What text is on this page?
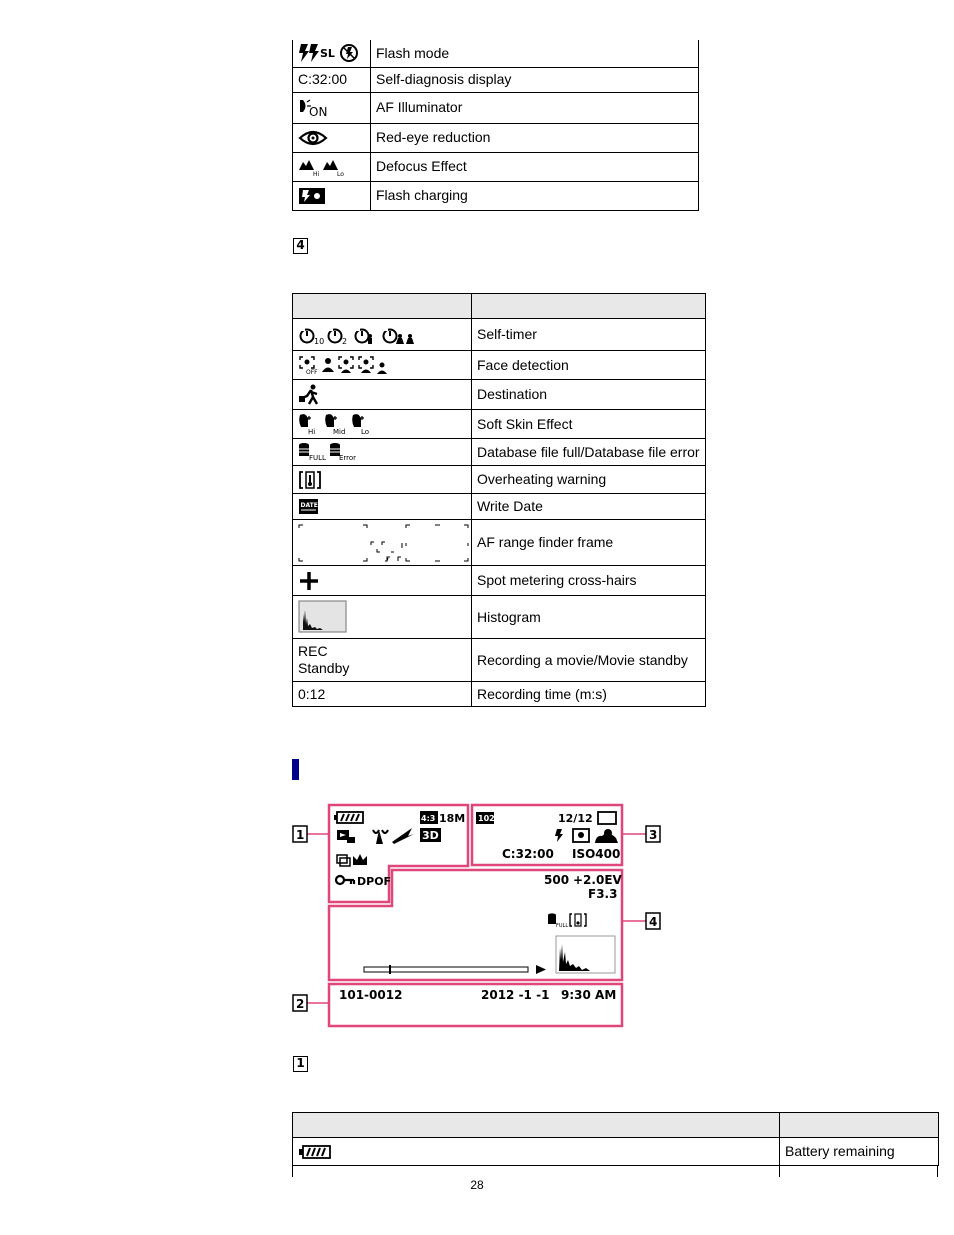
SL	Flash mode
C:32:00	Self-diagnosis display

ON	AF Illuminator

	Red-eye reduction

Hi Lo	Defocus Effect

	Flash charging
4

10 2	Self-timer

OFF	Face detection

	Destination

Hi Mid Lo	Soft Skin Effect

FULL Error	Database file full/Database file error

	Overheating warning

DATE	Write Date

	AF range finder frame

	Spot metering cross-hairs

	Histogram

REC
Standby	Recording a movie/Movie standby
0:12	Recording time (m:s)
1	3
4
2
4:3 18M
3D
DPOF
102	12/12
C:32:00 ISO400
500 +2.0EV
F3.3
FULL
101-0012	2012 -1 -1 9:30 AM
1

	Battery remaining
28
